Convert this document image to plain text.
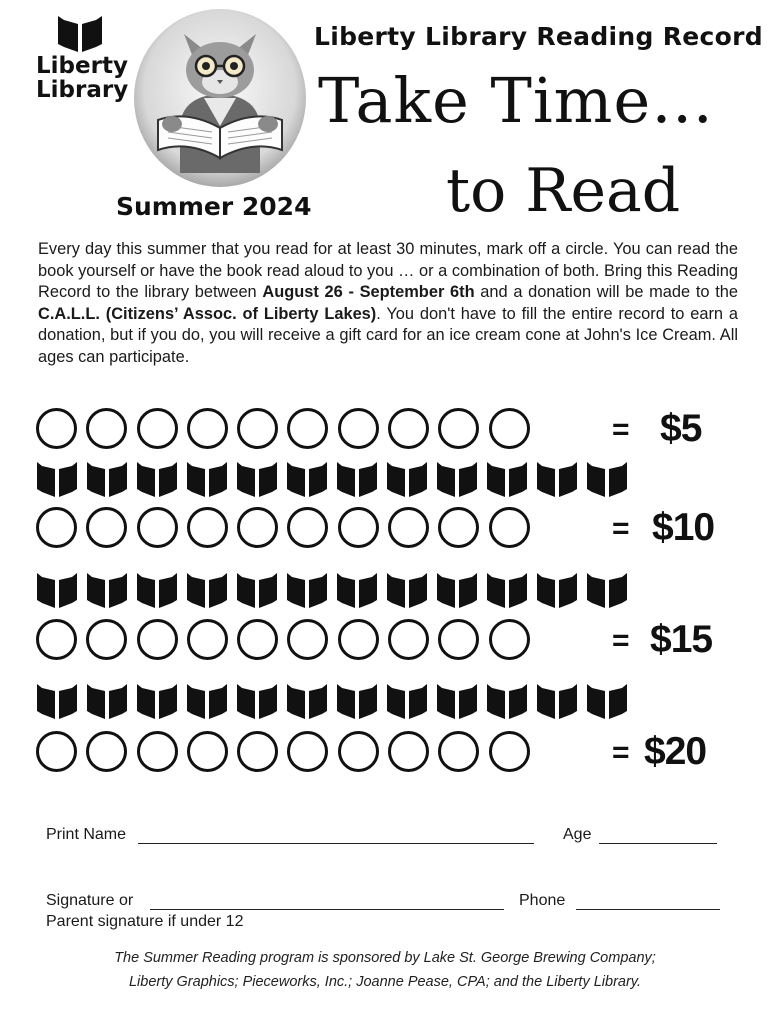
Liberty
Library
Summer 2024
Liberty Library Reading Record
Take Time…
to Read
Every day this summer that you read for at least 30 minutes, mark off a circle. You can read the book yourself or have the book read aloud to you … or a combination of both. Bring this Reading Record to the library between August 26 - September 6th and a donation will be made to the C.A.L.L. (Citizens’ Assoc. of Liberty Lakes). You don't have to fill the entire record to earn a donation, but if you do, you will receive a gift card for an ice cream cone at John's Ice Cream. All ages can participate.
= $5
= $10
= $15
= $20
Print Name	Age
Signature or
Parent signature if under 12
Phone
The Summer Reading program is sponsored by Lake St. George Brewing Company;
Liberty Graphics; Pieceworks, Inc.; Joanne Pease, CPA; and the Liberty Library.
